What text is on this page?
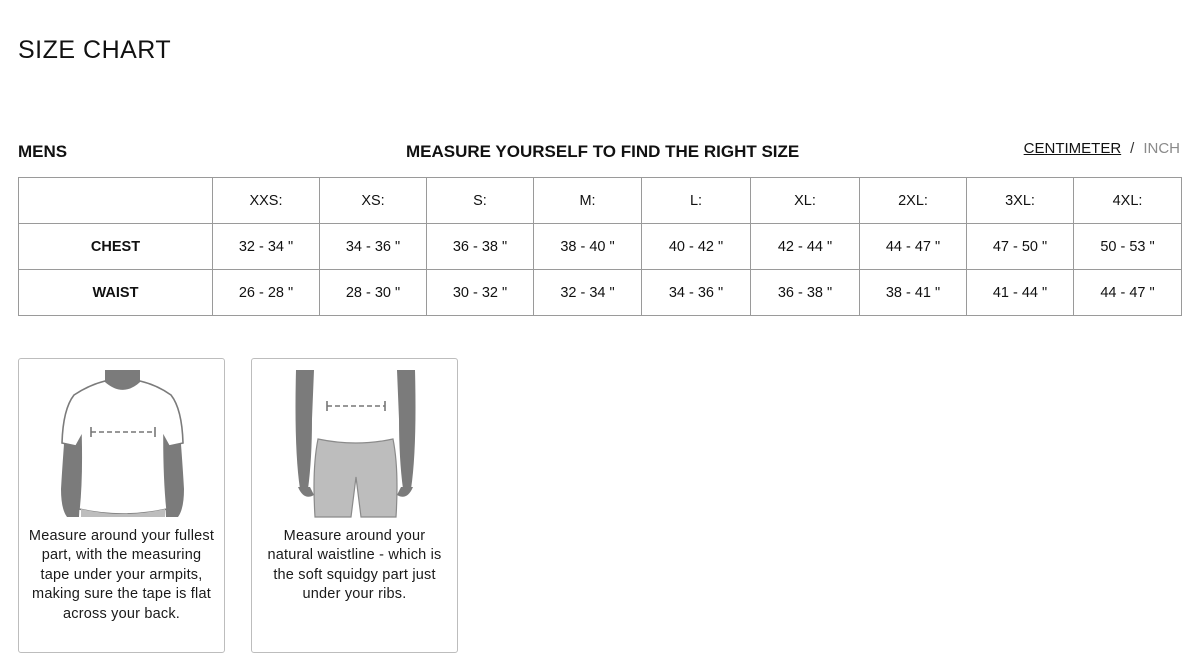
SIZE CHART
MENS	MEASURE YOURSELF TO FIND THE RIGHT SIZE	CENTIMETER / INCH
	XXS:	XS:	S:	M:	L:	XL:	2XL:	3XL:	4XL:
CHEST	32 - 34 "	34 - 36 "	36 - 38 "	38 - 40 "	40 - 42 "	42 - 44 "	44 - 47 "	47 - 50 "	50 - 53 "
WAIST	26 - 28 "	28 - 30 "	30 - 32 "	32 - 34 "	34 - 36 "	36 - 38 "	38 - 41 "	41 - 44 "	44 - 47 "
Measure around your fullest part, with the measuring tape under your armpits, making sure the tape is flat across your back.
Measure around your natural waistline - which is the soft squidgy part just under your ribs.
